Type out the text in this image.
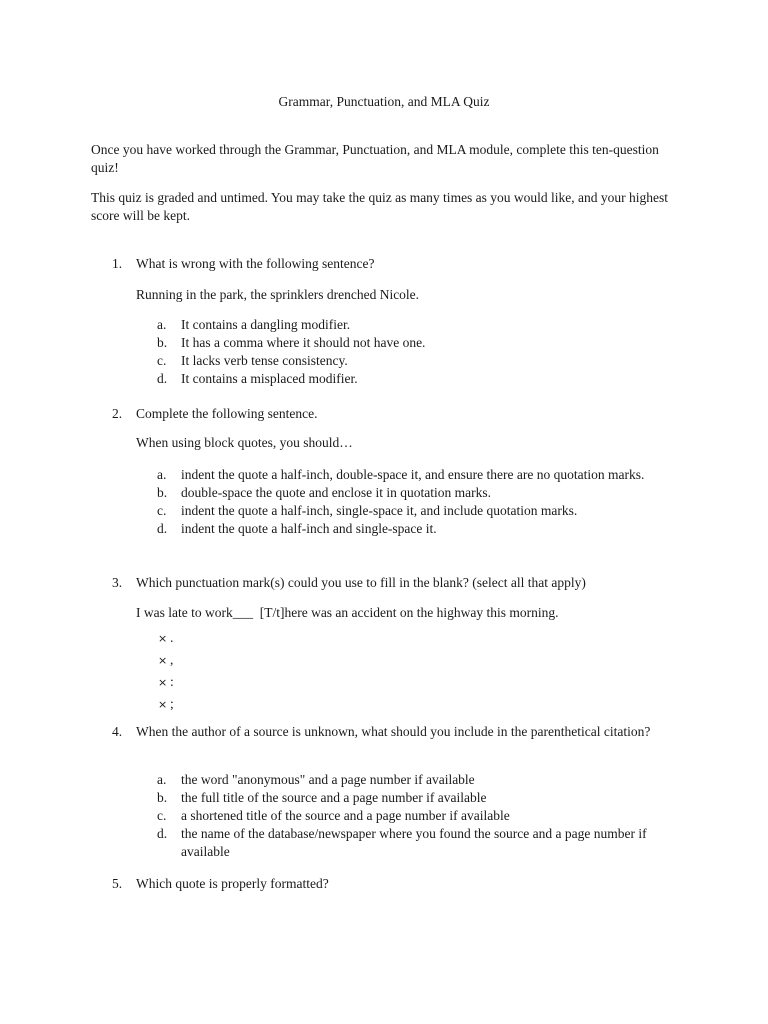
Grammar, Punctuation, and MLA Quiz
Once you have worked through the Grammar, Punctuation, and MLA module, complete this ten-question quiz!
This quiz is graded and untimed. You may take the quiz as many times as you would like, and your highest score will be kept.
1.	What is wrong with the following sentence?
Running in the park, the sprinklers drenched Nicole.
a. It contains a dangling modifier.
b. It has a comma where it should not have one.
c. It lacks verb tense consistency.
d. It contains a misplaced modifier.
2.	Complete the following sentence.
When using block quotes, you should…
a. indent the quote a half-inch, double-space it, and ensure there are no quotation marks.
b. double-space the quote and enclose it in quotation marks.
c. indent the quote a half-inch, single-space it, and include quotation marks.
d. indent the quote a half-inch and single-space it.
3.	Which punctuation mark(s) could you use to fill in the blank? (select all that apply)
I was late to work___  [T/t]here was an accident on the highway this morning.
× .
× ,
× :
× ;
4.	When the author of a source is unknown, what should you include in the parenthetical citation?
a. the word "anonymous" and a page number if available
b. the full title of the source and a page number if available
c. a shortened title of the source and a page number if available
d. the name of the database/newspaper where you found the source and a page number if available
5.	Which quote is properly formatted?
